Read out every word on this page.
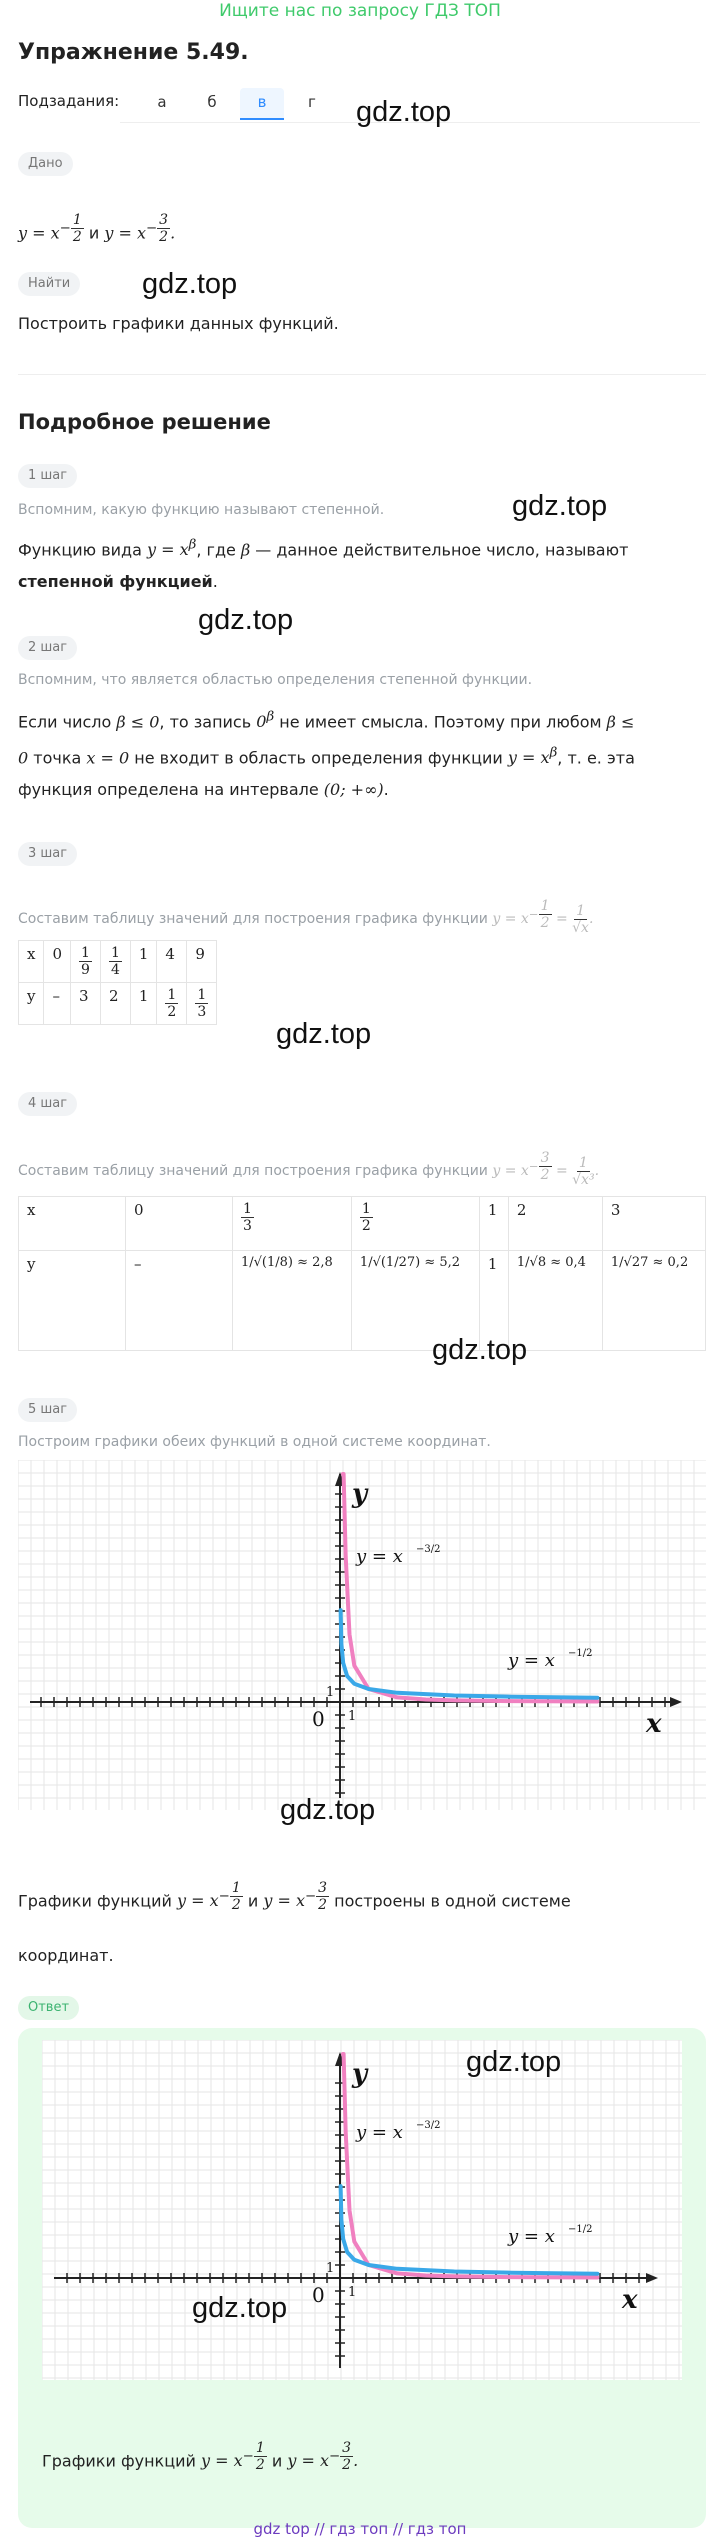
Ищите нас по запросу ГДЗ ТОП
Упражнение 5.49.
Подзадания:	а	б	в	г	gdz.top
Дано
$y = x^{- \frac{1}{2}}$ и $y = x^{- \frac{3}{2}}$ .
Найти	gdz.top
Построить графики данных функций.
Подробное решение
1 шаг
gdz.top
Вспомним, какую функцию называют степенной.
Функцию вида $y = x^\beta$, где β — данное действительное число, называют
степенной функцией.
gdz.top
2 шаг
Вспомним, что является областью определения степенной функции.
Если число β ≤ 0, то запись $0^\beta$ не имеет смысла. Поэтому при любом β ≤
0 точка x = 0 не входит в область определения функции $y = x^\beta$, т. е. эта
функция определена на интервале (0; +∞).
3 шаг
Составим таблицу значений для построения графика функции $y = x^{- \frac{1}{2}} = \frac{1}{√x}$ .
x	0	$\frac{1}{9}$	$\frac{1}{4}$	1	4	9
y	–	3	2	1	$\frac{1}{2}$	$\frac{1}{3}$
gdz.top
4 шаг
Составим таблицу значений для построения графика функции $y = x^{- \frac{3}{2}} = \frac{1}{\text{√x³}}$ .
x	0	$\frac{1}{3}$	$\frac{1}{2}$	1	2	3
y	–	1/√(1/8) ≈ 2,8	1/√(1/27) ≈ 5,2	1	1/√8 ≈ 0,4	1/√27 ≈ 0,2
gdz.top
5 шаг
Построим графики обеих функций в одной системе координат.
y
x
0
1
1
y = x −3/2
y = x −1/2
gdz.top
Графики функций $y = x^{- \frac{1}{2}}$ и $y = x^{- \frac{3}{2}}$ построены в одной системе
координат.
Ответ
y
x
0
1
1
y = x −3/2
y = x −1/2
gdz.top
gdz.top
Графики функций $y = x^{- \frac{1}{2}}$ и $y = x^{- \frac{3}{2}}$ .
gdz top // гдз топ // гдз топ
